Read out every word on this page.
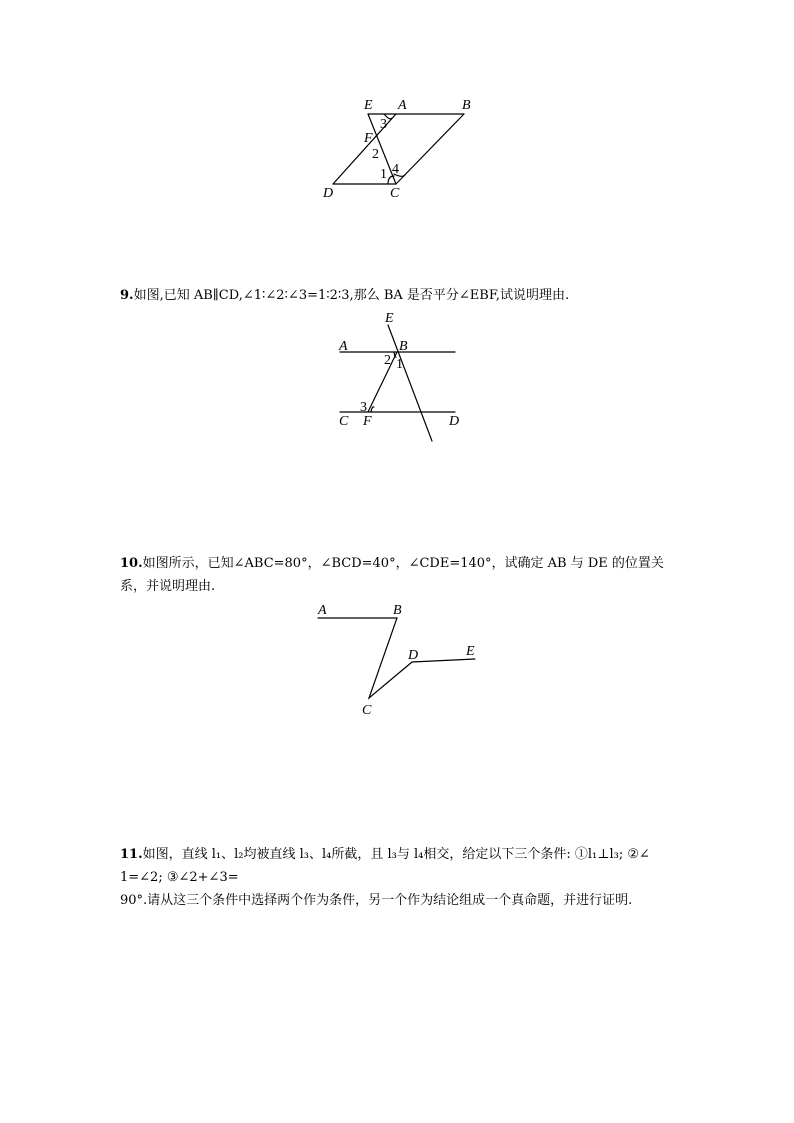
E A	B
F
D	C
3
2
4
1

9.如图,已知 AB∥CD,∠1∶∠2∶∠3=1∶2∶3,那么 BA 是否平分∠EBF,试说明理由.

E
A	B
C F	D
2 1
3

10.如图所示，已知∠ABC=80°，∠BCD=40°，∠CDE=140°，试确定 AB 与 DE 的位置关系，并说明理由.

A	B
C
D	E
11.如图，直线 l₁、l₂均被直线 l₃、l₄所截，且 l₃与 l₄相交，给定以下三个条件: ①l₁⊥l₃; ②∠
1=∠2; ③∠2+∠3=
90°.请从这三个条件中选择两个作为条件，另一个作为结论组成一个真命题，并进行证明.
